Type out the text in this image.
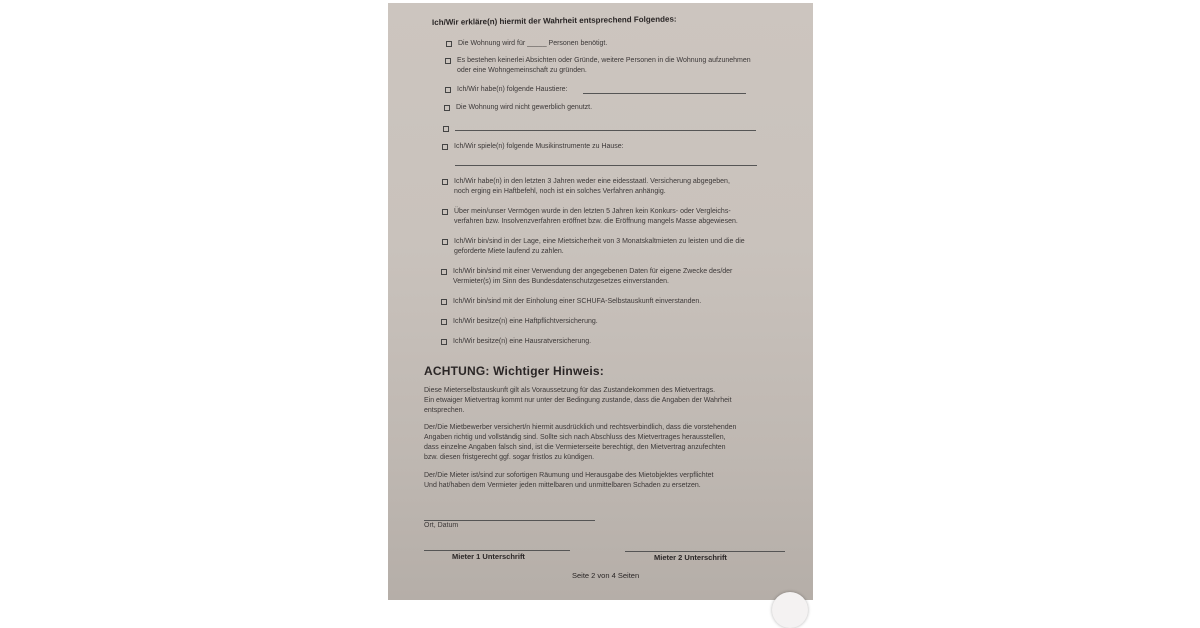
Ich/Wir erkläre(n) hiermit der Wahrheit entsprechend Folgendes:
Die Wohnung wird für _____ Personen benötigt.
Es bestehen keinerlei Absichten oder Gründe, weitere Personen in die Wohnung aufzunehmen
oder eine Wohngemeinschaft zu gründen.
Ich/Wir habe(n) folgende Haustiere:
Die Wohnung wird nicht gewerblich genutzt.
Ich/Wir spiele(n) folgende Musikinstrumente zu Hause:
Ich/Wir habe(n) in den letzten 3 Jahren weder eine eidesstaatl. Versicherung abgegeben,
noch erging ein Haftbefehl, noch ist ein solches Verfahren anhängig.
Über mein/unser Vermögen wurde in den letzten 5 Jahren kein Konkurs- oder Vergleichs-
verfahren bzw. Insolvenzverfahren eröffnet bzw. die Eröffnung mangels Masse abgewiesen.
Ich/Wir bin/sind in der Lage, eine Mietsicherheit von 3 Monatskaltmieten zu leisten und die die
geforderte Miete laufend zu zahlen.
Ich/Wir bin/sind mit einer Verwendung der angegebenen Daten für eigene Zwecke des/der
Vermieter(s) im Sinn des Bundesdatenschutzgesetzes einverstanden.
Ich/Wir bin/sind mit der Einholung einer SCHUFA-Selbstauskunft einverstanden.
Ich/Wir besitze(n) eine Haftpflichtversicherung.
Ich/Wir besitze(n) eine Hausratversicherung.
ACHTUNG: Wichtiger Hinweis:
Diese Mieterselbstauskunft gilt als Voraussetzung für das Zustandekommen des Mietvertrags.
Ein etwaiger Mietvertrag kommt nur unter der Bedingung zustande, dass die Angaben der Wahrheit
entsprechen.
Der/Die Mietbewerber versichert/n hiermit ausdrücklich und rechtsverbindlich, dass die vorstehenden
Angaben richtig und vollständig sind. Sollte sich nach Abschluss des Mietvertrages herausstellen,
dass einzelne Angaben falsch sind, ist die Vermieterseite berechtigt, den Mietvertrag anzufechten
bzw. diesen fristgerecht ggf. sogar fristlos zu kündigen.
Der/Die Mieter ist/sind zur sofortigen Räumung und Herausgabe des Mietobjektes verpflichtet
Und hat/haben dem Vermieter jeden mittelbaren und unmittelbaren Schaden zu ersetzen.
Ort, Datum
Mieter 1 Unterschrift	Mieter 2 Unterschrift
Seite 2 von 4 Seiten
